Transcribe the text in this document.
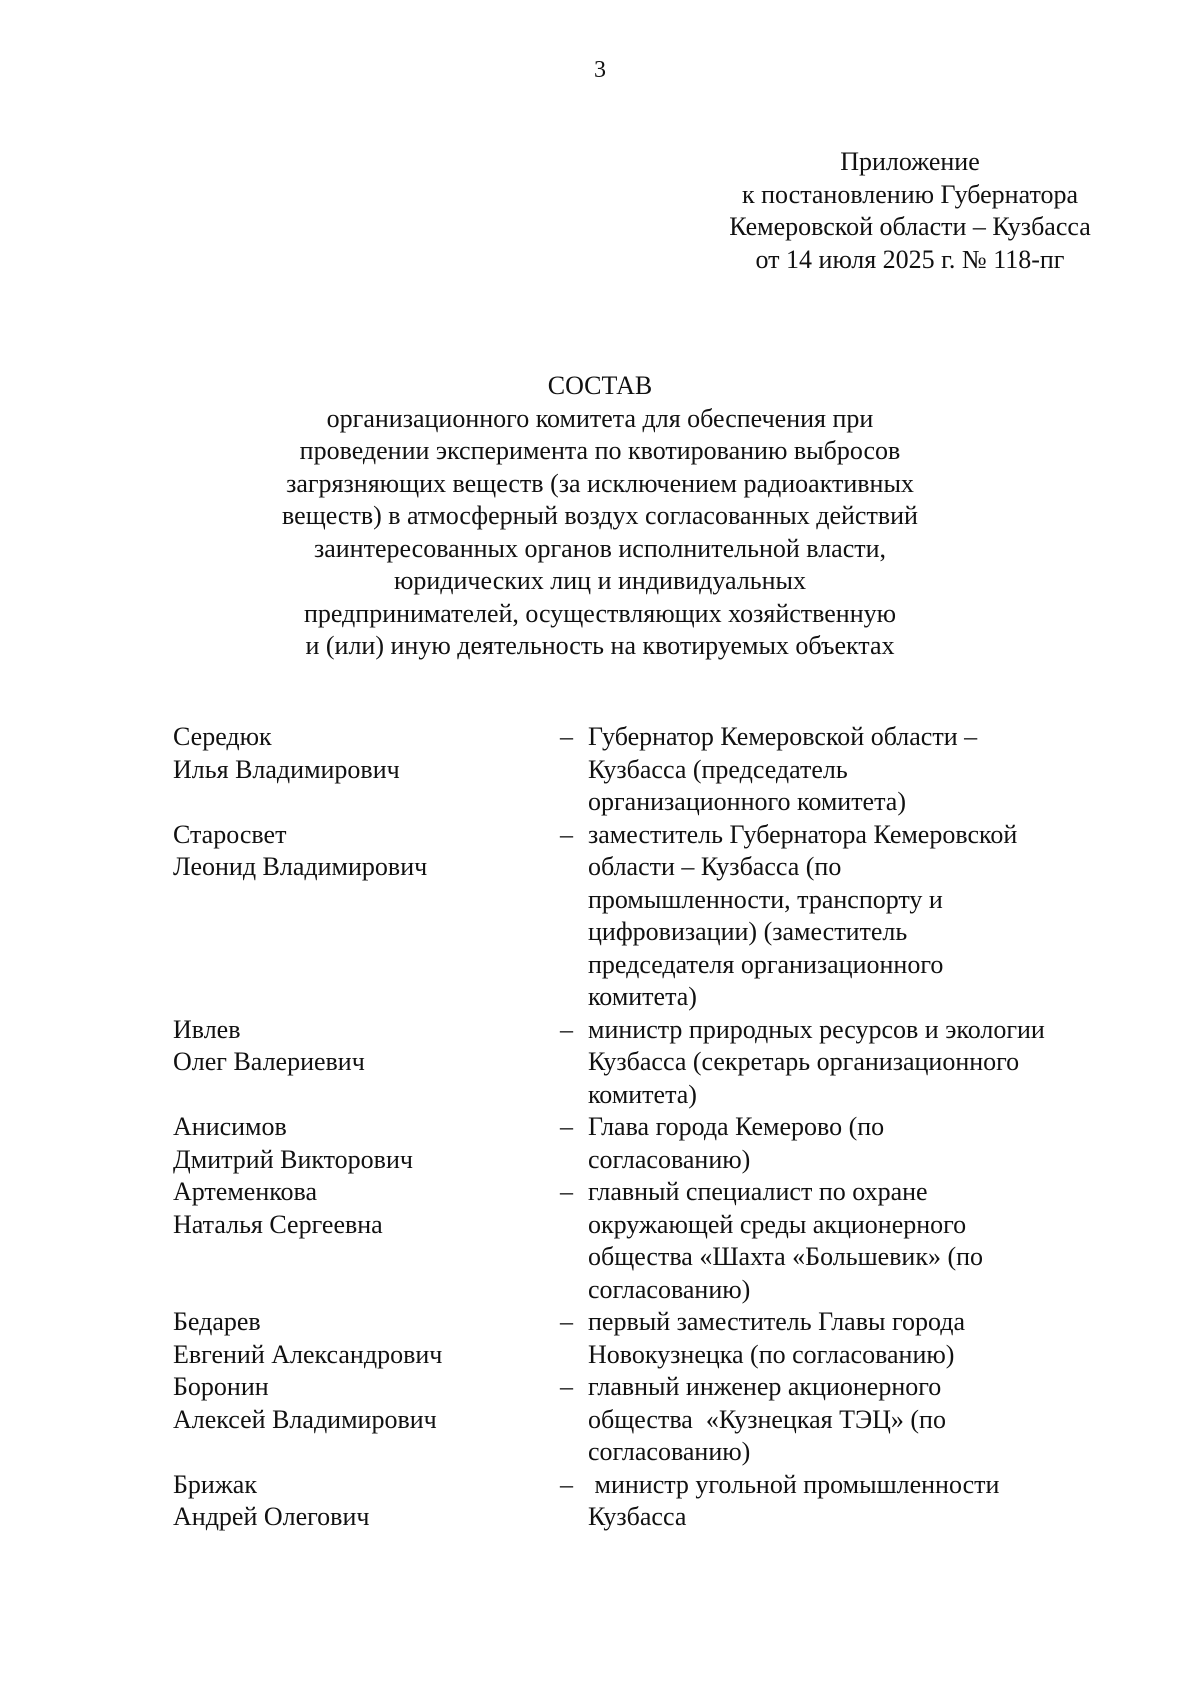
3
Приложение
к постановлению Губернатора
Кемеровской области – Кузбасса
от 14 июля 2025 г. № 118-пг
СОСТАВ
организационного комитета для обеспечения при
проведении эксперимента по квотированию выбросов
загрязняющих веществ (за исключением радиоактивных
веществ) в атмосферный воздух согласованных действий
заинтересованных органов исполнительной власти,
юридических лиц и индивидуальных
предпринимателей, осуществляющих хозяйственную
и (или) иную деятельность на квотируемых объектах
Середюк
Илья Владимирович
– Губернатор Кемеровской области –
Кузбасса (председатель
организационного комитета)
Старосвет
Леонид Владимирович
– заместитель Губернатора Кемеровской
области – Кузбасса (по
промышленности, транспорту и
цифровизации) (заместитель
председателя организационного
комитета)
Ивлев
Олег Валериевич
– министр природных ресурсов и экологии
Кузбасса (секретарь организационного
комитета)
Анисимов
Дмитрий Викторович
– Глава города Кемерово (по
согласованию)
Артеменкова
Наталья Сергеевна
– главный специалист по охране
окружающей среды акционерного
общества «Шахта «Большевик» (по
согласованию)
Бедарев
Евгений Александрович
– первый заместитель Главы города
Новокузнецка (по согласованию)
Боронин
Алексей Владимирович
– главный инженер акционерного
общества  «Кузнецкая ТЭЦ» (по
согласованию)
Брижак
Андрей Олегович
– министр угольной промышленности
Кузбасса
